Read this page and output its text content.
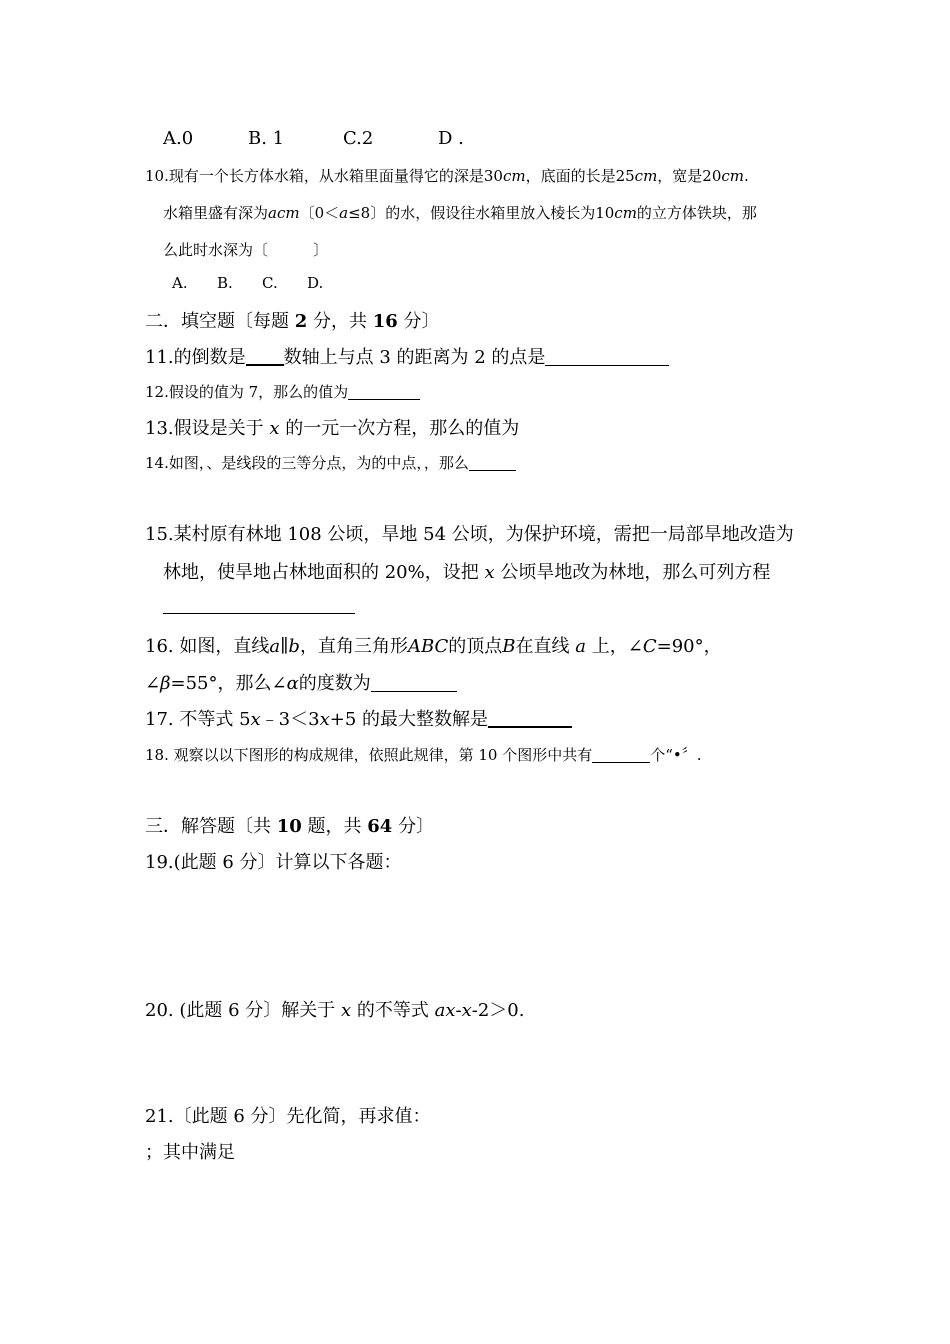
A.0	B. 1	C.2	D .
10.现有一个长方体水箱，从水箱里面量得它的深是30cm，底面的长是25cm，宽是20cm.
水箱里盛有深为acm〔0＜a≤8〕的水，假设往水箱里放入棱长为10cm的立方体铁块，那
么此时水深为〔　　　〕
A. B. C. D.
二．填空题〔每题 2 分，共 16 分〕
11.的倒数是 数轴上与点 3 的距离为 2 的点是
12.假设的值为 7，那么的值为
13.假设是关于 x 的一元一次方程，那么的值为
14.如图，、是线段的三等分点，为的中点，，那么
15.某村原有林地 108 公顷，旱地 54 公顷，为保护环境，需把一局部旱地改造为
林地，使旱地占林地面积的 20%，设把 x 公顷旱地改为林地，那么可列方程
16. 如图，直线a∥b，直角三角形ABC的顶点B在直线 a 上，∠C=90°，
∠β=55°，那么∠α的度数为
17. 不等式 5x﹣3＜3x+5 的最大整数解是
18. 观察以以下图形的构成规律，依照此规律，第 10 个图形中共有	个“•〞.
三．解答题〔共 10 题，共 64 分〕
19.(此题 6 分〕计算以下各题：
20. (此题 6 分〕解关于 x 的不等式 ax-x-2＞0.
21.〔此题 6 分〕先化简，再求值：
；其中满足
